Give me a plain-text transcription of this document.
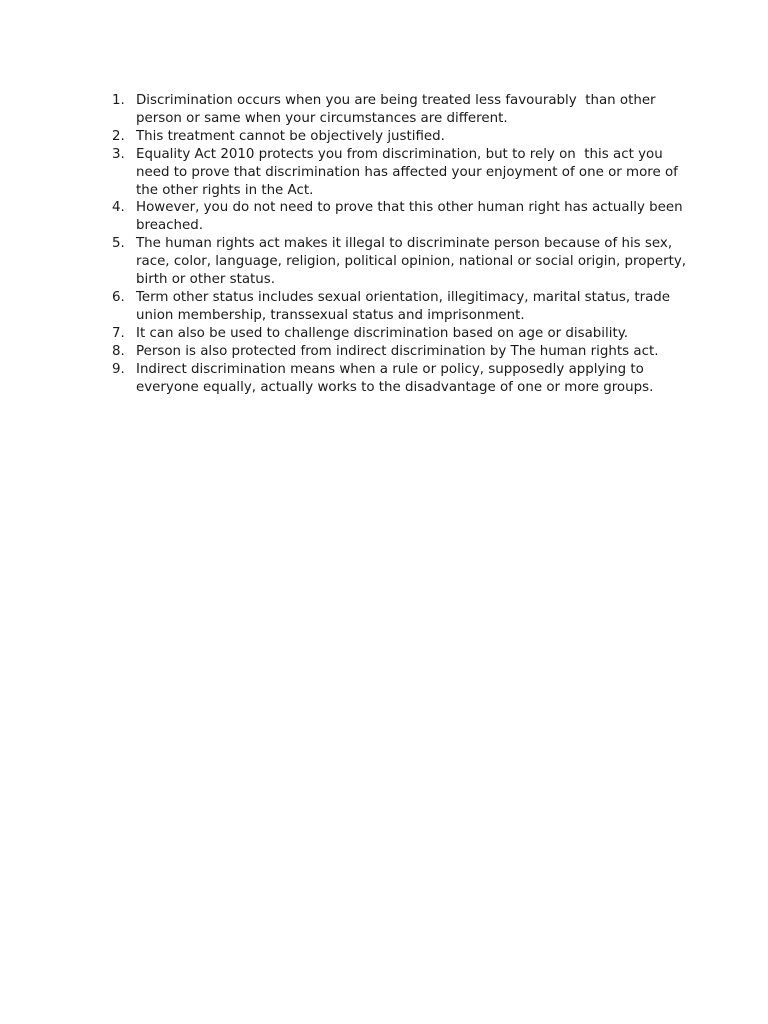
1. Discrimination occurs when you are being treated less favourably  than other person or same when your circumstances are different.
2. This treatment cannot be objectively justified.
3. Equality Act 2010 protects you from discrimination, but to rely on  this act you need to prove that discrimination has affected your enjoyment of one or more of the other rights in the Act.
4. However, you do not need to prove that this other human right has actually been breached.
5. The human rights act makes it illegal to discriminate person because of his sex, race, color, language, religion, political opinion, national or social origin, property, birth or other status.
6. Term other status includes sexual orientation, illegitimacy, marital status, trade union membership, transsexual status and imprisonment.
7. It can also be used to challenge discrimination based on age or disability.
8. Person is also protected from indirect discrimination by The human rights act.
9. Indirect discrimination means when a rule or policy, supposedly applying to everyone equally, actually works to the disadvantage of one or more groups.
